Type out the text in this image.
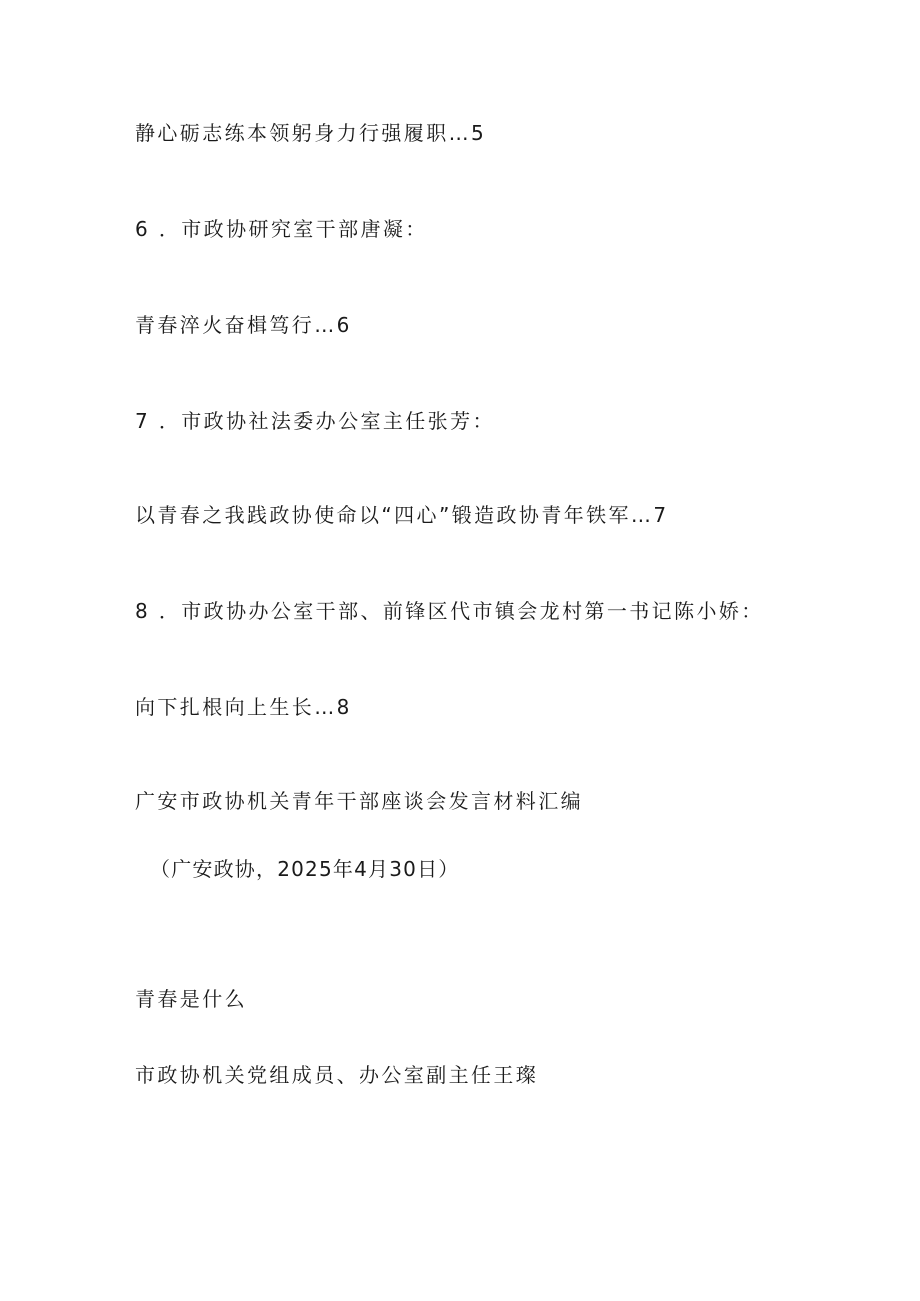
静心砺志练本领躬身力行强履职…5
6 ．市政协研究室干部唐凝：
青春淬火奋楫笃行…6
7 ．市政协社法委办公室主任张芳：
以青春之我践政协使命以“四心”锻造政协青年铁军…7
8 ．市政协办公室干部、前锋区代市镇会龙村第一书记陈小娇：
向下扎根向上生长…8
广安市政协机关青年干部座谈会发言材料汇编
（广安政协，2025年4月30日）
青春是什么
市政协机关党组成员、办公室副主任王璨
